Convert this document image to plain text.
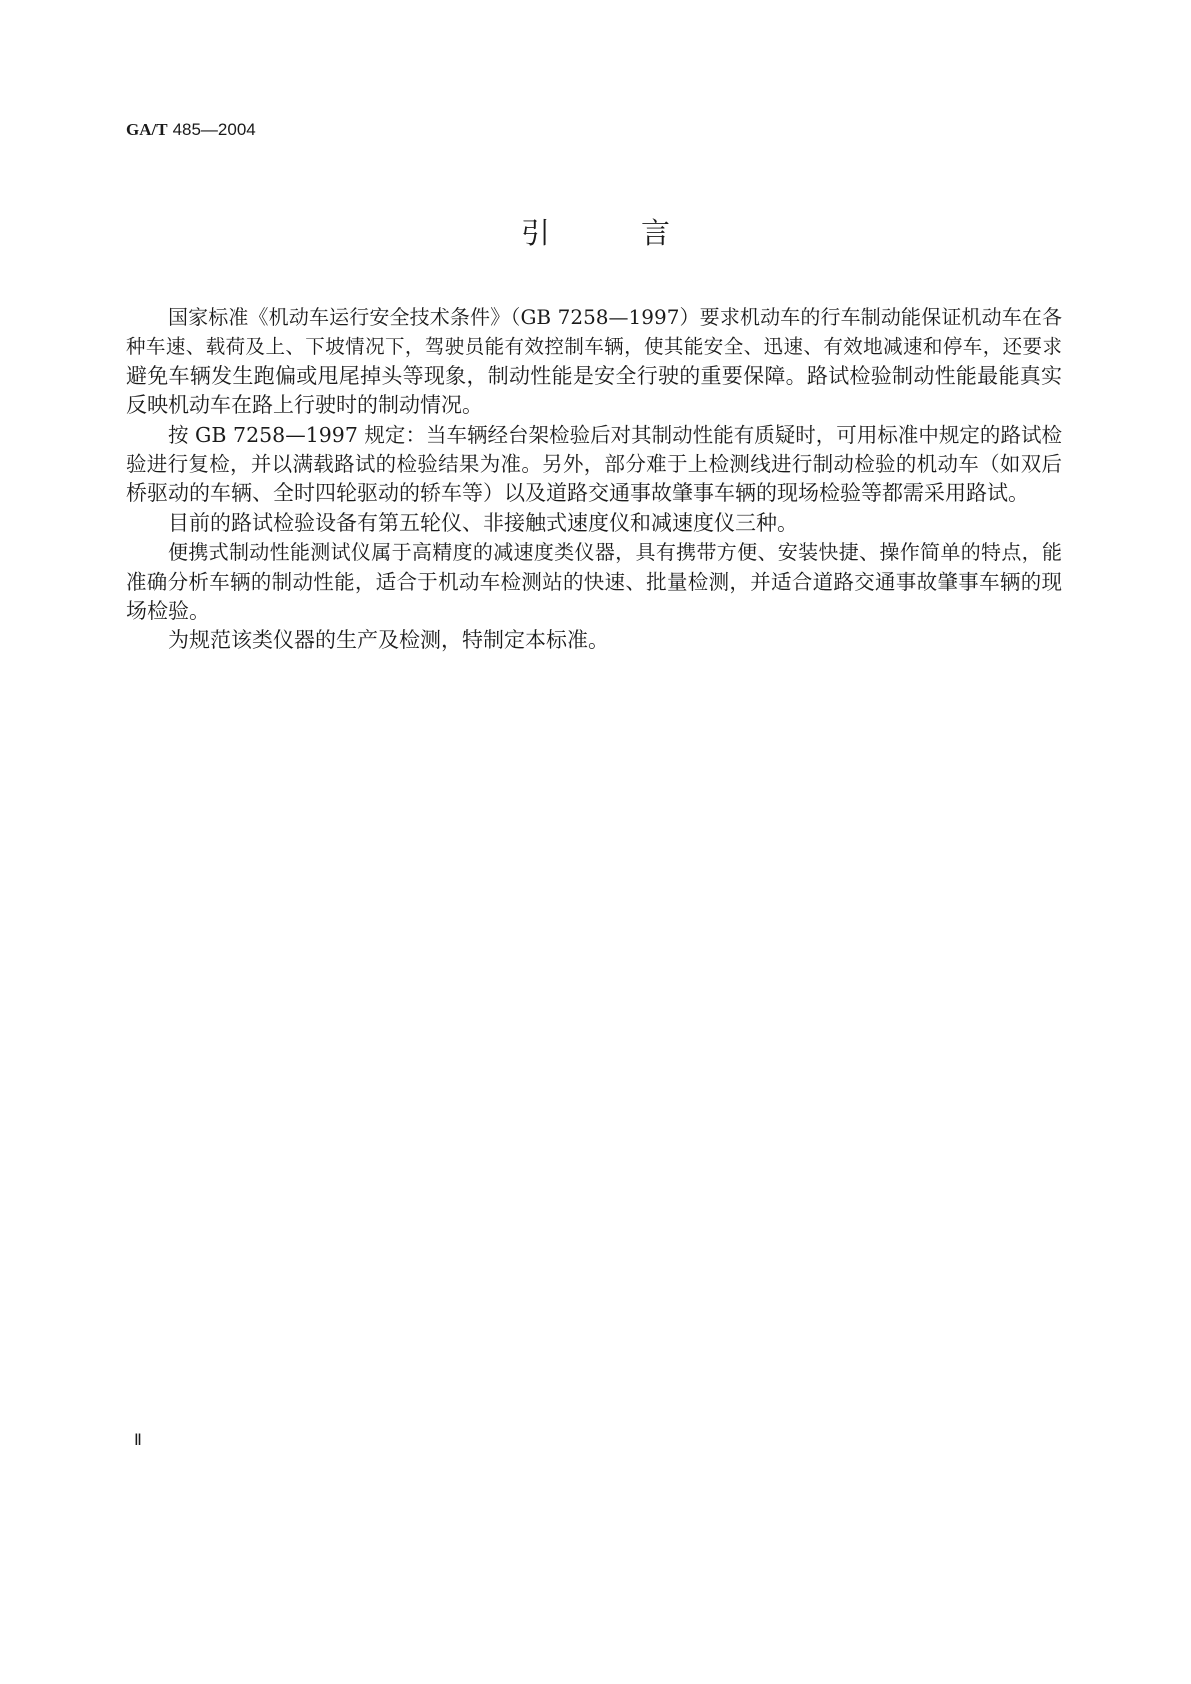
GA/T 485—2004
引　言
国家标准《机动车运行安全技术条件》（GB 7258—1997）要求机动车的行车制动能保证机动车在各
种车速、载荷及上、下坡情况下，驾驶员能有效控制车辆，使其能安全、迅速、有效地减速和停车，还要求
避免车辆发生跑偏或甩尾掉头等现象，制动性能是安全行驶的重要保障。路试检验制动性能最能真实
反映机动车在路上行驶时的制动情况。
按 GB 7258—1997 规定：当车辆经台架检验后对其制动性能有质疑时，可用标准中规定的路试检
验进行复检，并以满载路试的检验结果为准。另外，部分难于上检测线进行制动检验的机动车（如双后
桥驱动的车辆、全时四轮驱动的轿车等）以及道路交通事故肇事车辆的现场检验等都需采用路试。
目前的路试检验设备有第五轮仪、非接触式速度仪和减速度仪三种。
便携式制动性能测试仪属于高精度的减速度类仪器，具有携带方便、安装快捷、操作简单的特点，能
准确分析车辆的制动性能，适合于机动车检测站的快速、批量检测，并适合道路交通事故肇事车辆的现
场检验。
为规范该类仪器的生产及检测，特制定本标准。
Ⅱ
